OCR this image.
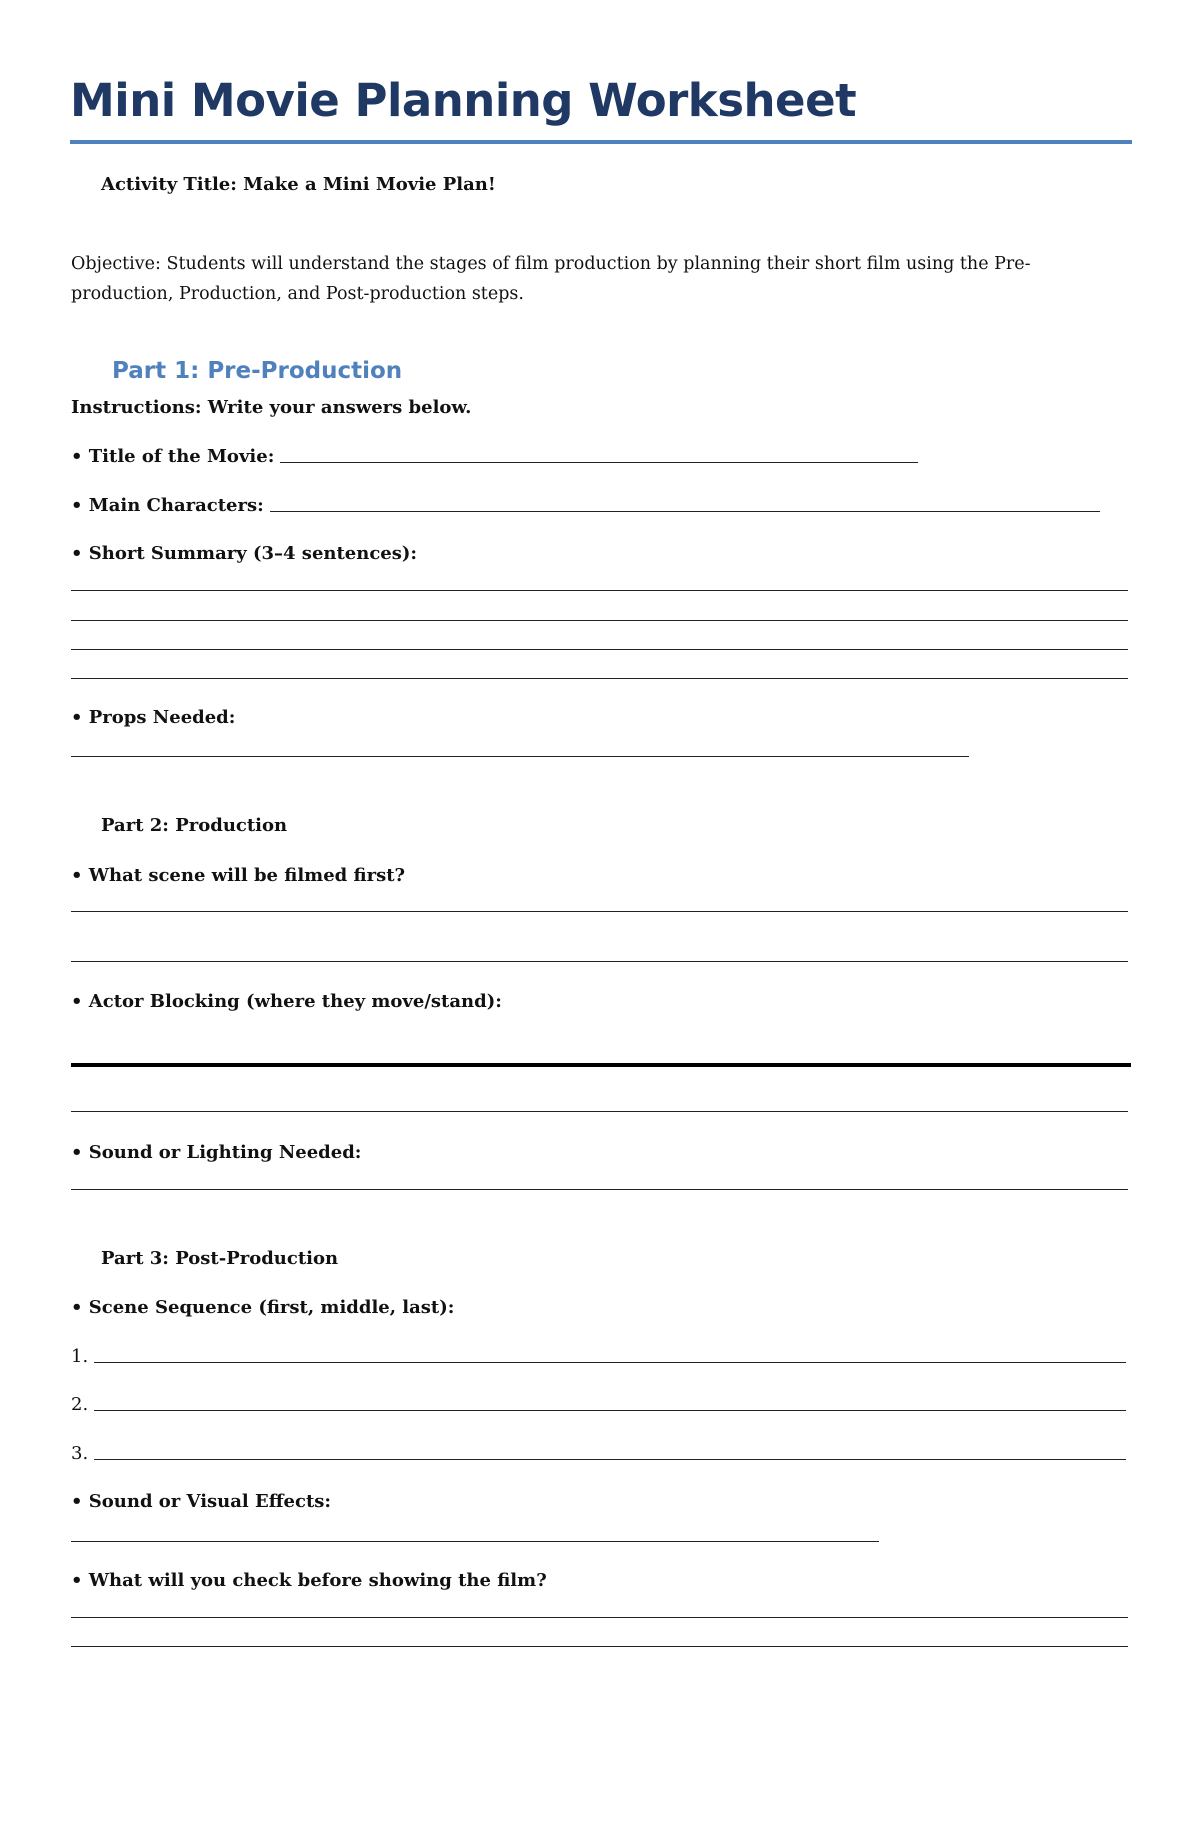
Mini Movie Planning Worksheet
Activity Title: Make a Mini Movie Plan!
Objective: Students will understand the stages of film production by planning their short film using the Pre-production, Production, and Post-production steps.
Part 1: Pre-Production
Instructions: Write your answers below.
• Title of the Movie:
• Main Characters:
• Short Summary (3–4 sentences):
• Props Needed:
Part 2: Production
• What scene will be filmed first?
• Actor Blocking (where they move/stand):
• Sound or Lighting Needed:
Part 3: Post-Production
• Scene Sequence (first, middle, last):
1.
2.
3.
• Sound or Visual Effects:
• What will you check before showing the film?
